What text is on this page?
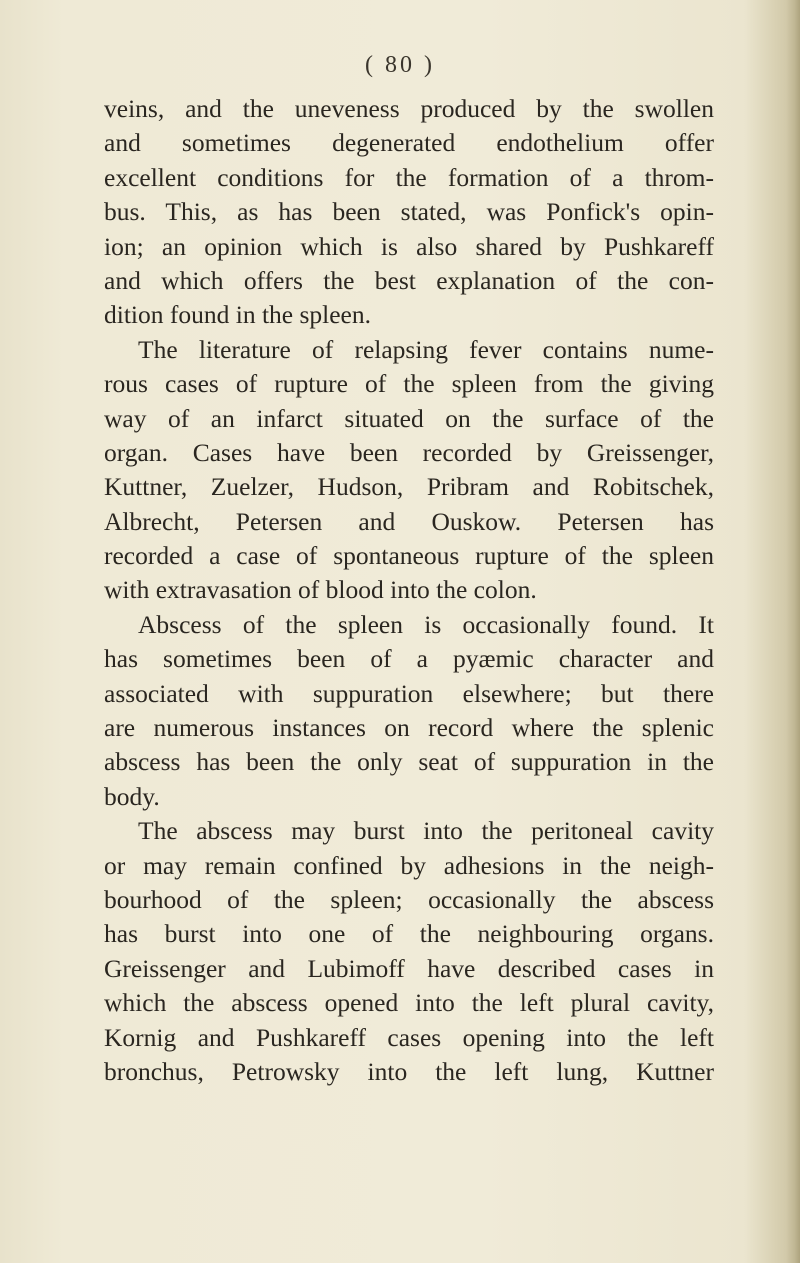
( 80 )
veins, and the uneveness produced by the swollen
and sometimes degenerated endothelium offer
excellent conditions for the formation of a throm-
bus. This, as has been stated, was Ponfick's opin-
ion; an opinion which is also shared by Pushkareff
and which offers the best explanation of the con-
dition found in the spleen.
The literature of relapsing fever contains nume-
rous cases of rupture of the spleen from the giving
way of an infarct situated on the surface of the
organ. Cases have been recorded by Greissenger,
Kuttner, Zuelzer, Hudson, Pribram and Robitschek,
Albrecht, Petersen and Ouskow. Petersen has
recorded a case of spontaneous rupture of the spleen
with extravasation of blood into the colon.
Abscess of the spleen is occasionally found. It
has sometimes been of a pyæmic character and
associated with suppuration elsewhere; but there
are numerous instances on record where the splenic
abscess has been the only seat of suppuration in the
body.
The abscess may burst into the peritoneal cavity
or may remain confined by adhesions in the neigh-
bourhood of the spleen; occasionally the abscess
has burst into one of the neighbouring organs.
Greissenger and Lubimoff have described cases in
which the abscess opened into the left plural cavity,
Kornig and Pushkareff cases opening into the left
bronchus, Petrowsky into the left lung, Kuttner
